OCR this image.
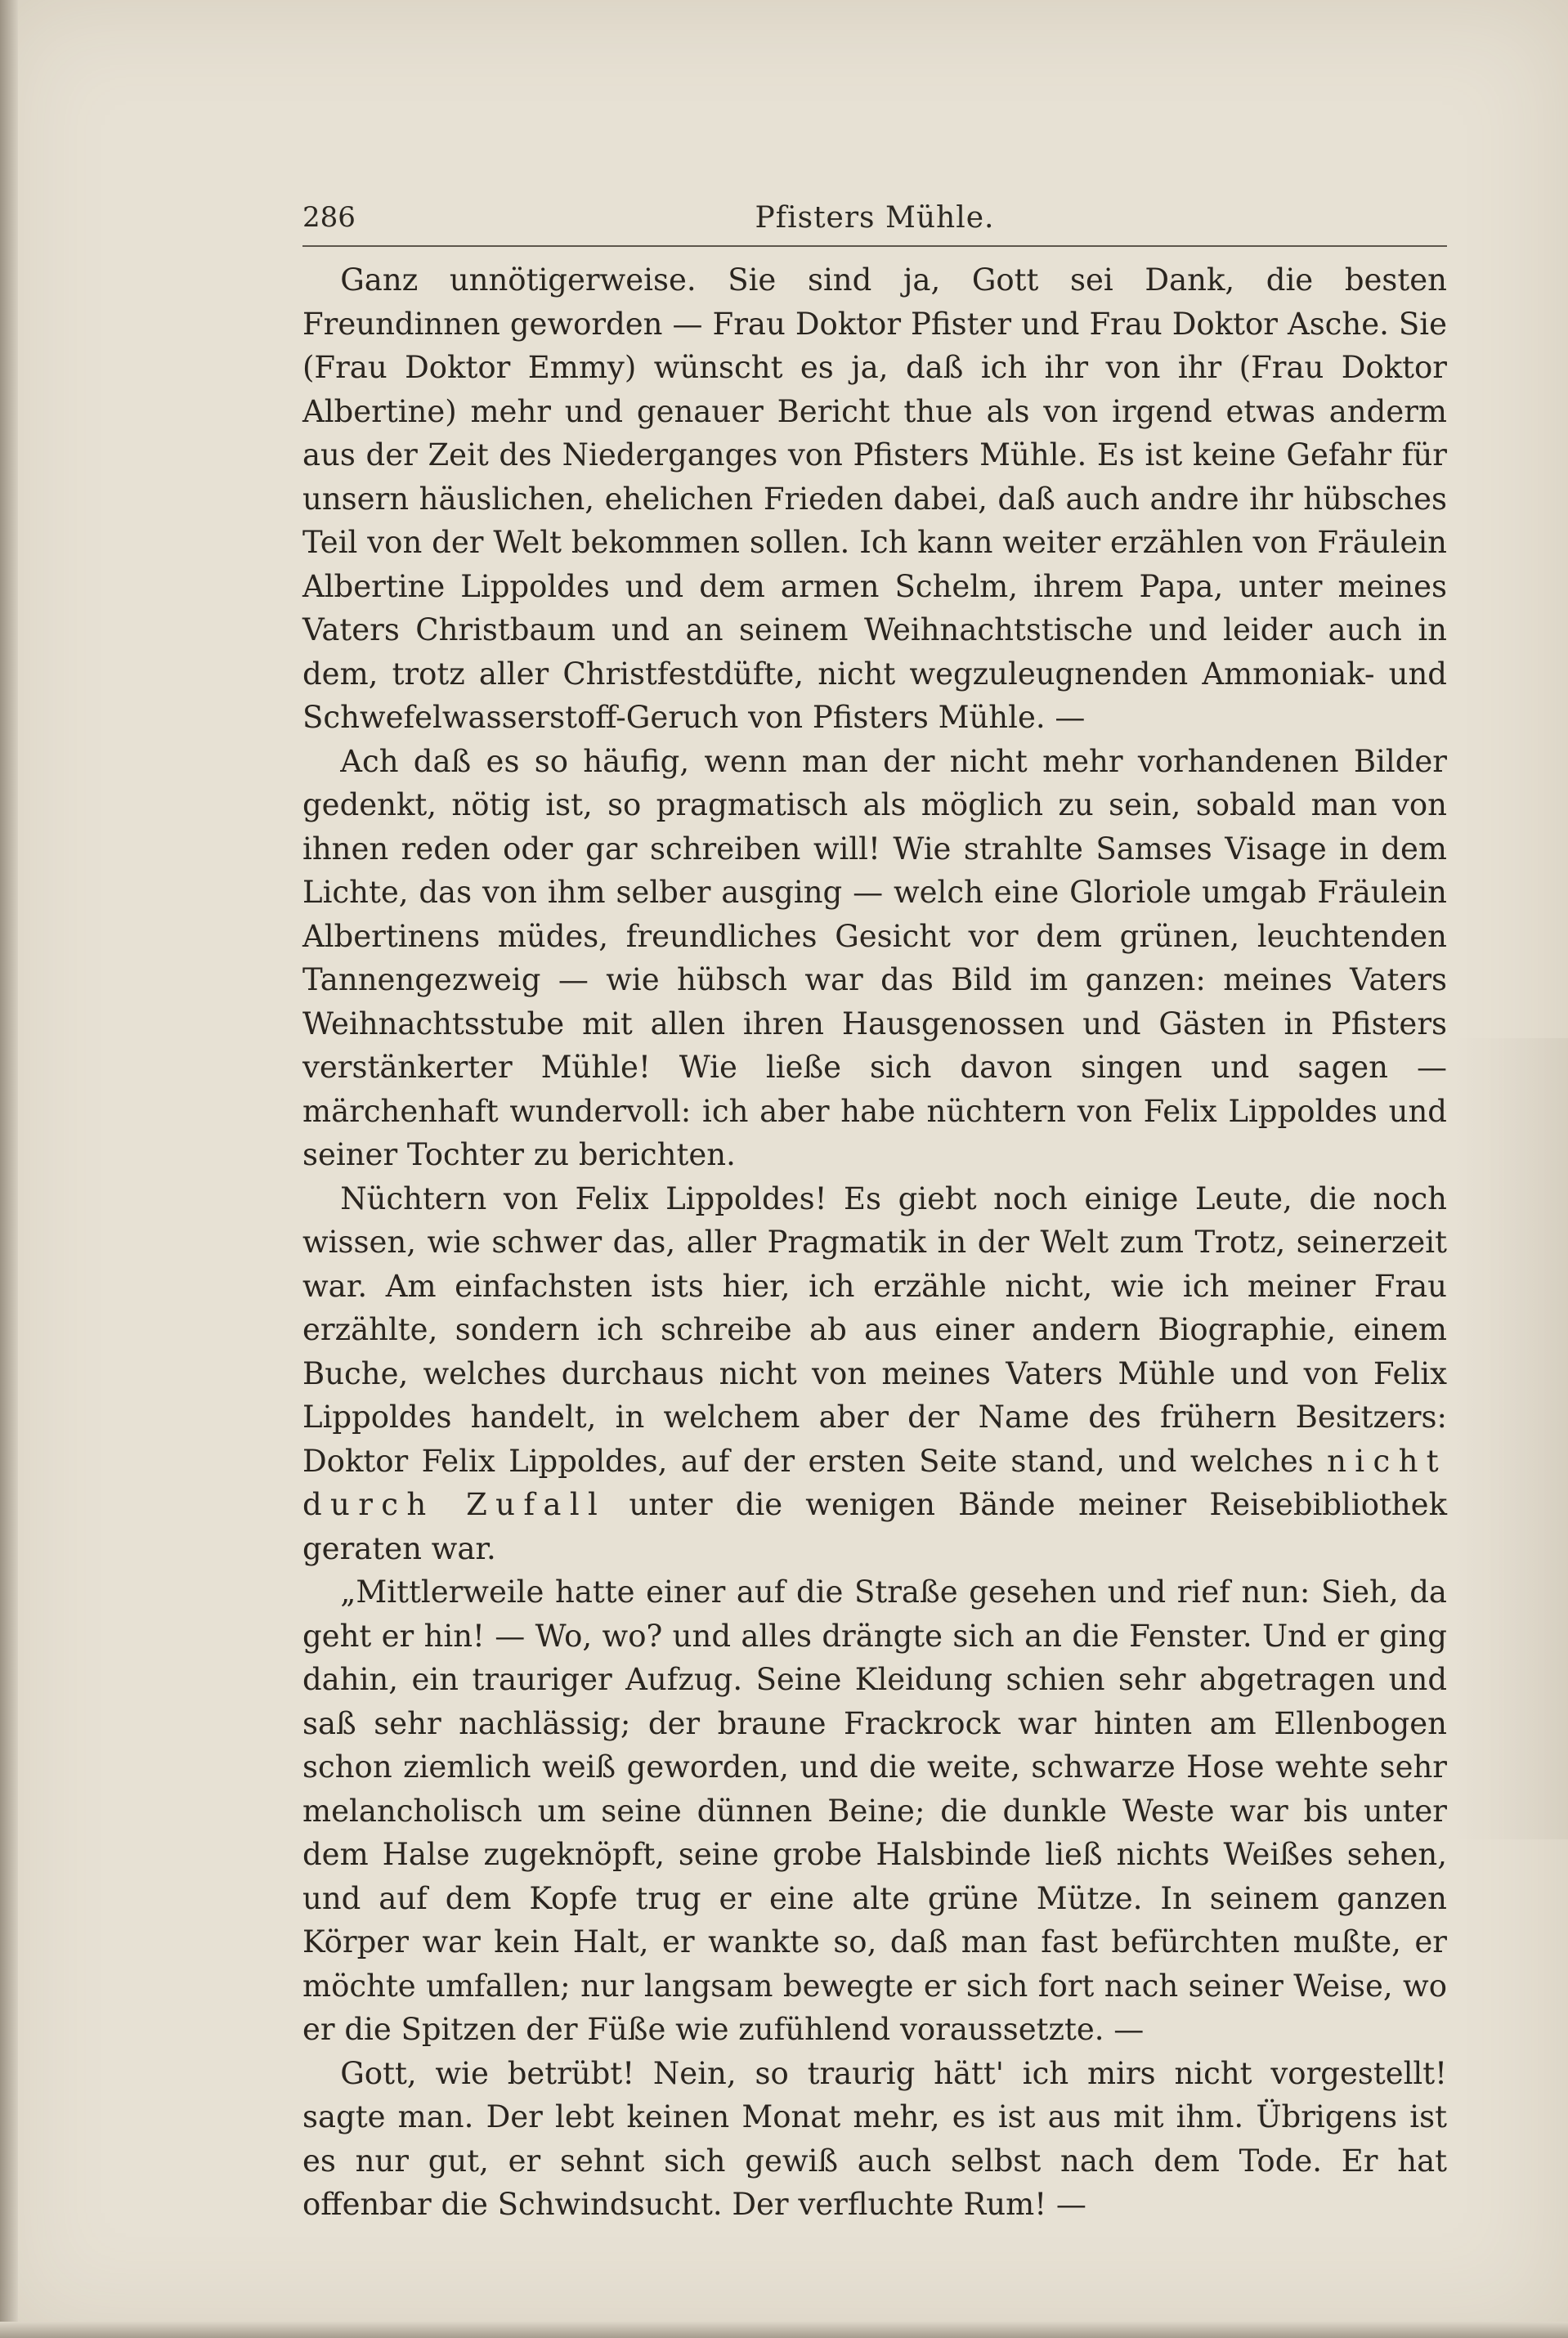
286	Pfisters Mühle.

Ganz unnötigerweise. Sie sind ja, Gott sei Dank, die besten Freundinnen geworden — Frau Doktor Pfister und Frau Doktor Asche. Sie (Frau Doktor Emmy) wünscht es ja, daß ich ihr von ihr (Frau Doktor Albertine) mehr und genauer Bericht thue als von irgend etwas anderm aus der Zeit des Niederganges von Pfisters Mühle. Es ist keine Gefahr für unsern häuslichen, ehelichen Frieden dabei, daß auch andre ihr hübsches Teil von der Welt bekommen sollen. Ich kann weiter erzählen von Fräulein Albertine Lippoldes und dem armen Schelm, ihrem Papa, unter meines Vaters Christbaum und an seinem Weihnachtstische und leider auch in dem, trotz aller Christfestdüfte, nicht wegzuleugnenden Ammoniak- und Schwefelwasserstoff-Geruch von Pfisters Mühle. —

Ach daß es so häufig, wenn man der nicht mehr vorhandenen Bilder gedenkt, nötig ist, so pragmatisch als möglich zu sein, sobald man von ihnen reden oder gar schreiben will! Wie strahlte Samses Visage in dem Lichte, das von ihm selber ausging — welch eine Gloriole umgab Fräulein Albertinens müdes, freundliches Gesicht vor dem grünen, leuchtenden Tannengezweig — wie hübsch war das Bild im ganzen: meines Vaters Weihnachtsstube mit allen ihren Hausgenossen und Gästen in Pfisters verstänkerter Mühle! Wie ließe sich davon singen und sagen — märchenhaft wundervoll: ich aber habe nüchtern von Felix Lippoldes und seiner Tochter zu berichten.

Nüchtern von Felix Lippoldes! Es giebt noch einige Leute, die noch wissen, wie schwer das, aller Pragmatik in der Welt zum Trotz, seinerzeit war. Am einfachsten ists hier, ich erzähle nicht, wie ich meiner Frau erzählte, sondern ich schreibe ab aus einer andern Biographie, einem Buche, welches durchaus nicht von meines Vaters Mühle und von Felix Lippoldes handelt, in welchem aber der Name des frühern Besitzers: Doktor Felix Lippoldes, auf der ersten Seite stand, und welches nicht durch Zufall unter die wenigen Bände meiner Reisebibliothek geraten war.

„Mittlerweile hatte einer auf die Straße gesehen und rief nun: Sieh, da geht er hin! — Wo, wo? und alles drängte sich an die Fenster. Und er ging dahin, ein trauriger Aufzug. Seine Kleidung schien sehr abgetragen und saß sehr nachlässig; der braune Frackrock war hinten am Ellenbogen schon ziemlich weiß geworden, und die weite, schwarze Hose wehte sehr melancholisch um seine dünnen Beine; die dunkle Weste war bis unter dem Halse zugeknöpft, seine grobe Halsbinde ließ nichts Weißes sehen, und auf dem Kopfe trug er eine alte grüne Mütze. In seinem ganzen Körper war kein Halt, er wankte so, daß man fast befürchten mußte, er möchte umfallen; nur langsam bewegte er sich fort nach seiner Weise, wo er die Spitzen der Füße wie zufühlend voraussetzte. —

Gott, wie betrübt! Nein, so traurig hätt' ich mirs nicht vorgestellt! sagte man. Der lebt keinen Monat mehr, es ist aus mit ihm. Übrigens ist es nur gut, er sehnt sich gewiß auch selbst nach dem Tode. Er hat offenbar die Schwindsucht. Der verfluchte Rum! —
